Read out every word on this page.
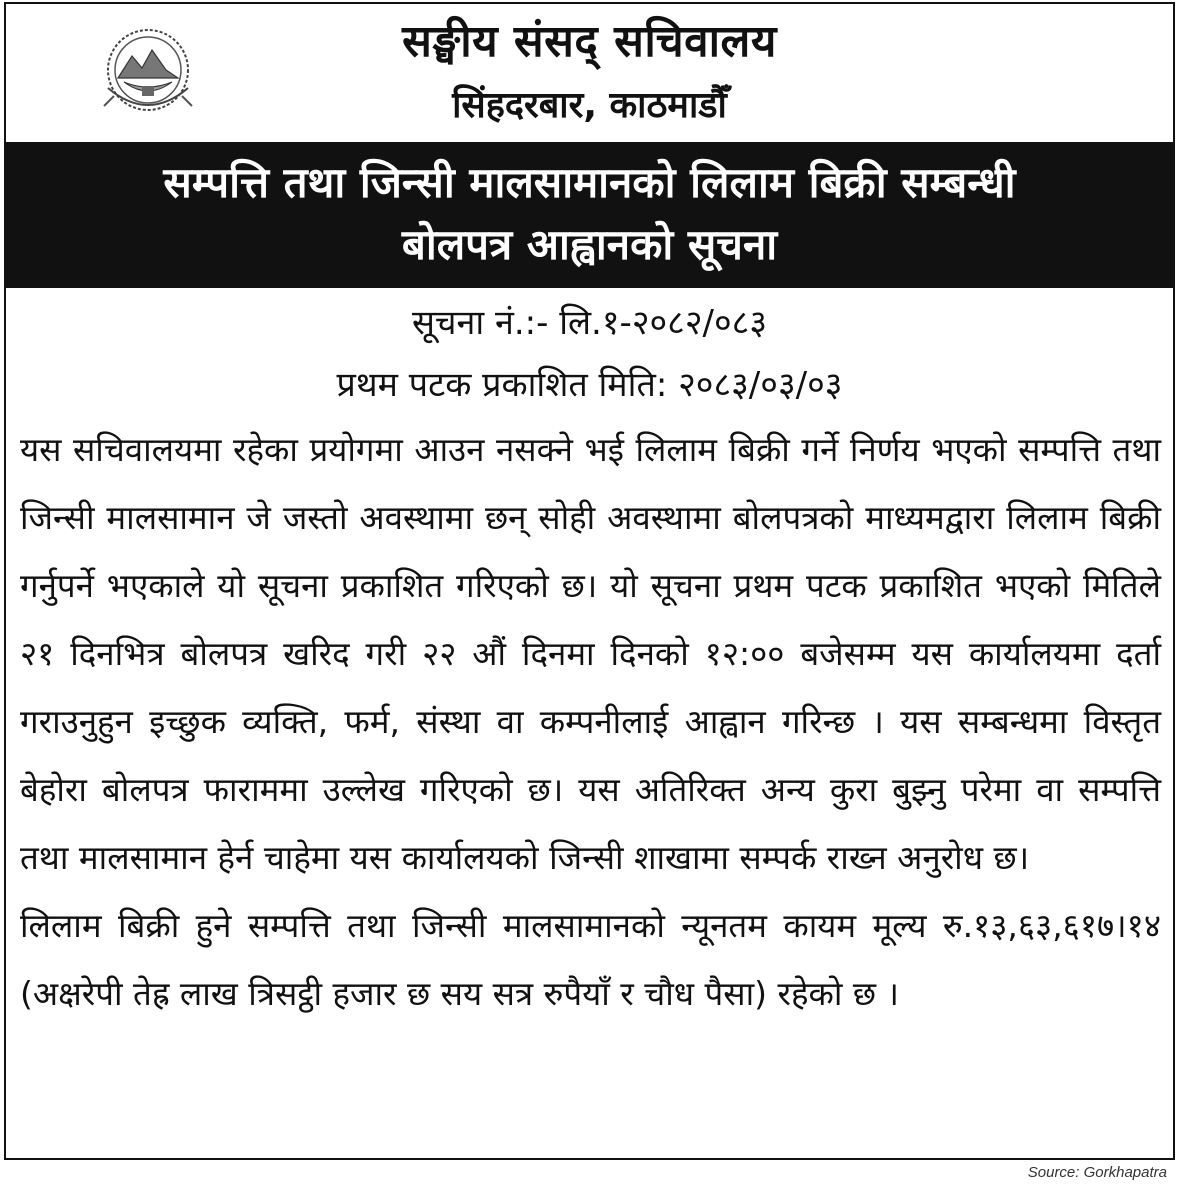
सङ्घीय संसद् सचिवालय
सिंहदरबार, काठमाडौँ
सम्पत्ति तथा जिन्सी मालसामानको लिलाम बिक्री सम्बन्धी
बोलपत्र आह्वानको सूचना
सूचना नं.:- लि.१-२०८२/०८३
प्रथम पटक प्रकाशित मिति: २०८३/०३/०३

यस सचिवालयमा रहेका प्रयोगमा आउन नसक्ने भई लिलाम बिक्री गर्ने निर्णय भएको सम्पत्ति तथा जिन्सी मालसामान जे जस्तो अवस्थामा छन् सोही अवस्थामा बोलपत्रको माध्यमद्वारा लिलाम बिक्री गर्नुपर्ने भएकाले यो सूचना प्रकाशित गरिएको छ। यो सूचना प्रथम पटक प्रकाशित भएको मितिले २१ दिनभित्र बोलपत्र खरिद गरी २२ औं दिनमा दिनको १२:०० बजेसम्म यस कार्यालयमा दर्ता गराउनुहुन इच्छुक व्यक्ति, फर्म, संस्था वा कम्पनीलाई आह्वान गरिन्छ । यस सम्बन्धमा विस्तृत बेहोरा बोलपत्र फाराममा उल्लेख गरिएको छ। यस अतिरिक्त अन्य कुरा बुझ्नु परेमा वा सम्पत्ति तथा मालसामान हेर्न चाहेमा यस कार्यालयको जिन्सी शाखामा सम्पर्क राख्न अनुरोध छ।

लिलाम बिक्री हुने सम्पत्ति तथा जिन्सी मालसामानको न्यूनतम कायम मूल्य रु.१३,६३,६१७।१४ (अक्षरेपी तेह्र लाख त्रिसट्ठी हजार छ सय सत्र रुपैयाँ र चौध पैसा) रहेको छ ।

Source: Gorkhapatra
